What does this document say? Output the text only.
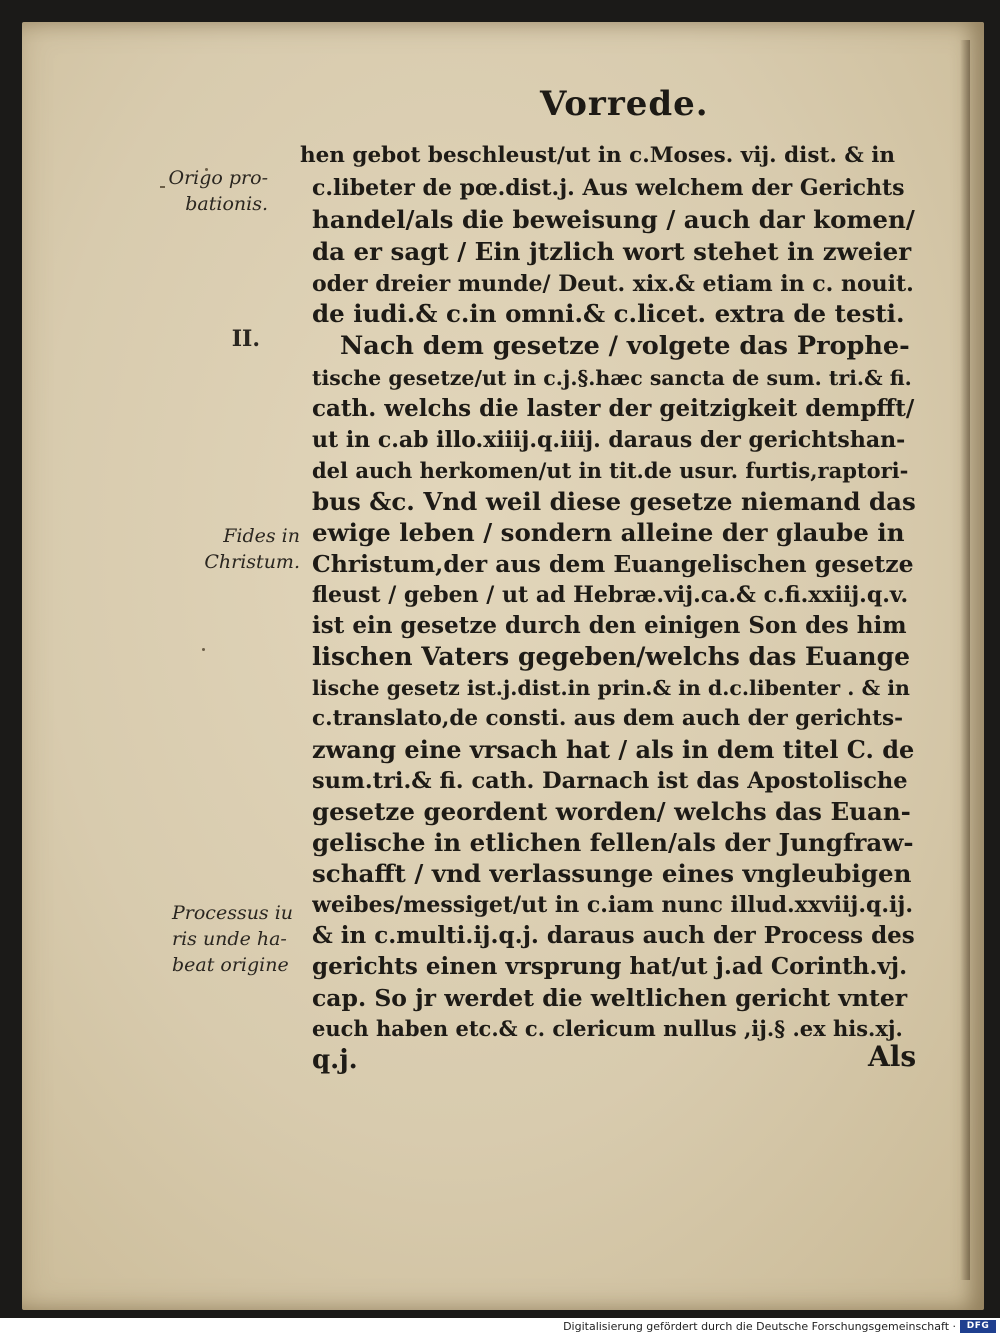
Vorrede.
Origo pro-
bationis.
II.
Fides in
Christum.
Processus iu
ris unde ha-
beat origine
hen gebot beschleust/ut in c.Moses. vij. dist. & in
c.libeter de pœ.dist.j. Aus welchem der Gerichts
handel/als die beweisung / auch dar komen/
da er sagt / Ein jtzlich wort stehet in zweier
oder dreier munde/ Deut. xix.& etiam in c. nouit.
de iudi.& c.in omni.& c.licet. extra de testi.
Nach dem gesetze / volgete das Prophe-
tische gesetze/ut in c.j.§.hæc sancta de sum. tri.& fi.
cath. welchs die laster der geitzigkeit dempfft/
ut in c.ab illo.xiiij.q.iiij. daraus der gerichtshan-
del auch herkomen/ut in tit.de usur. furtis,raptori-
bus &c. Vnd weil diese gesetze niemand das
ewige leben / sondern alleine der glaube in
Christum,der aus dem Euangelischen gesetze
fleust / geben / ut ad Hebræ.vij.ca.& c.fi.xxiij.q.v.
ist ein gesetze durch den einigen Son des him
lischen Vaters gegeben/welchs das Euange
lische gesetz ist.j.dist.in prin.& in d.c.libenter . & in
c.translato,de consti. aus dem auch der gerichts-
zwang eine vrsach hat / als in dem titel C. de
sum.tri.& fi. cath. Darnach ist das Apostolische
gesetze geordent worden/ welchs das Euan-
gelische in etlichen fellen/als der Jungfraw-
schafft / vnd verlassunge eines vngleubigen
weibes/messiget/ut in c.iam nunc illud.xxviij.q.ij.
& in c.multi.ij.q.j. daraus auch der Process des
gerichts einen vrsprung hat/ut j.ad Corinth.vj.
cap. So jr werdet die weltlichen gericht vnter
euch haben etc.& c. clericum nullus ,ij.§ .ex his.xj.
q.j.	Als
Digitalisierung gefördert durch die Deutsche Forschungsgemeinschaft ·	DFG
